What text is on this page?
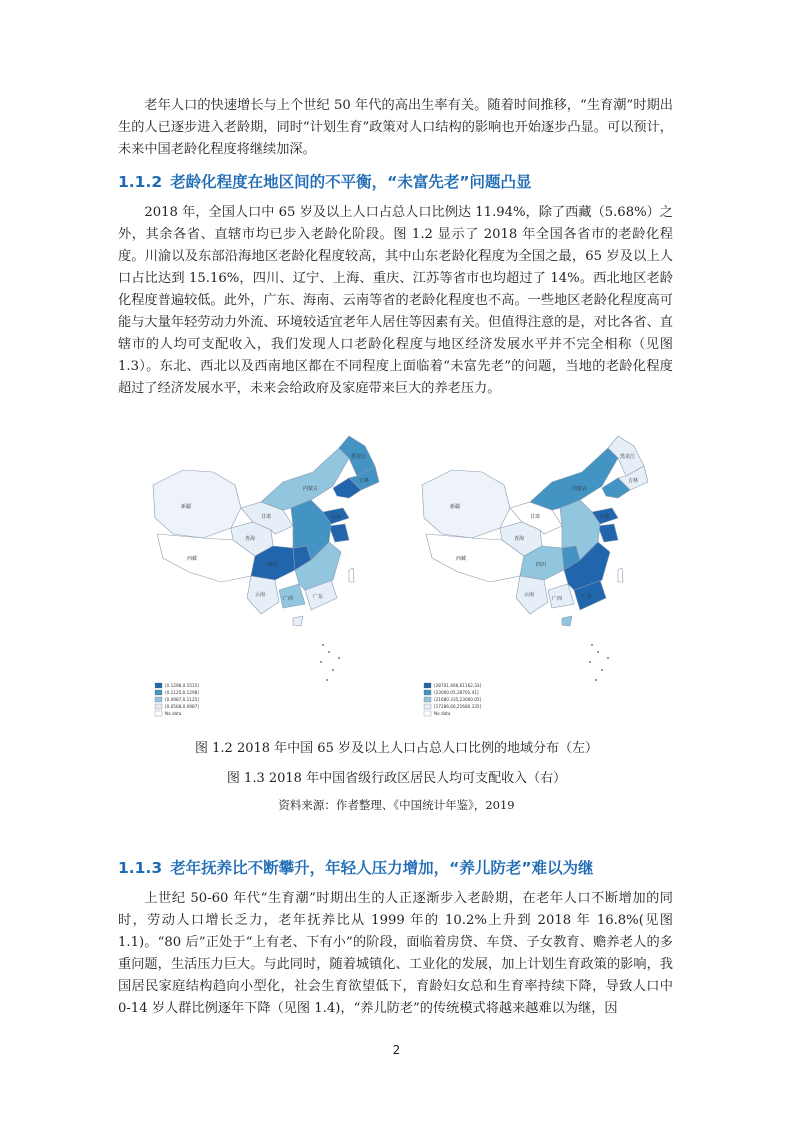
老年人口的快速增长与上个世纪 50 年代的高出生率有关。随着时间推移，“生育潮”时期出生的人已逐步进入老龄期，同时“计划生育”政策对人口结构的影响也开始逐步凸显。可以预计，未来中国老龄化程度将继续加深。

1.1.2 老龄化程度在地区间的不平衡，“未富先老”问题凸显

2018 年，全国人口中 65 岁及以上人口占总人口比例达 11.94%，除了西藏（5.68%）之外，其余各省、直辖市均已步入老龄化阶段。图 1.2 显示了 2018 年全国各省市的老龄化程度。川渝以及东部沿海地区老龄化程度较高，其中山东老龄化程度为全国之最，65 岁及以上人口占比达到 15.16%，四川、辽宁、上海、重庆、江苏等省市也均超过了 14%。西北地区老龄化程度普遍较低。此外，广东、海南、云南等省的老龄化程度也不高。一些地区老龄化程度高可能与大量年轻劳动力外流、环境较适宜老年人居住等因素有关。但值得注意的是，对比各省、直辖市的人均可支配收入，我们发现人口老龄化程度与地区经济发展水平并不完全相称（见图 1.3）。东北、西北以及西南地区都在不同程度上面临着“未富先老”的问题，当地的老龄化程度超过了经济发展水平，未来会给政府及家庭带来巨大的养老压力。

新疆
西藏
青海
甘肃
内蒙古
黑龙江
吉林
山东
四川
云南
广西	广东
(0.1298,0.1515]
(0.1125,0.1298]
(0.0987,0.1125]
[0.0568,0.0987]
No data
新疆
西藏
青海
甘肃
内蒙古
黑龙江
吉林
山东
四川
云南
广西	广东
(28701.466,61162.33]
(23000.05,28701.41]
(21680.335,23000.05]
[17286.06,21680.335]
No data

图 1.2 2018 年中国 65 岁及以上人口占总人口比例的地域分布（左）

图 1.3 2018 年中国省级行政区居民人均可支配收入（右）

资料来源：作者整理、《中国统计年鉴》，2019

1.1.3 老年抚养比不断攀升，年轻人压力增加，“养儿防老”难以为继

上世纪 50-60 年代“生育潮”时期出生的人正逐渐步入老龄期，在老年人口不断增加的同时，劳动人口增长乏力，老年抚养比从 1999 年的 10.2%上升到 2018 年 16.8%(见图 1.1)。“80 后”正处于“上有老、下有小”的阶段，面临着房贷、车贷、子女教育、赡养老人的多重问题，生活压力巨大。与此同时，随着城镇化、工业化的发展，加上计划生育政策的影响，我国居民家庭结构趋向小型化，社会生育欲望低下，育龄妇女总和生育率持续下降，导致人口中 0-14 岁人群比例逐年下降（见图 1.4)，“养儿防老”的传统模式将越来越难以为继，因

2
